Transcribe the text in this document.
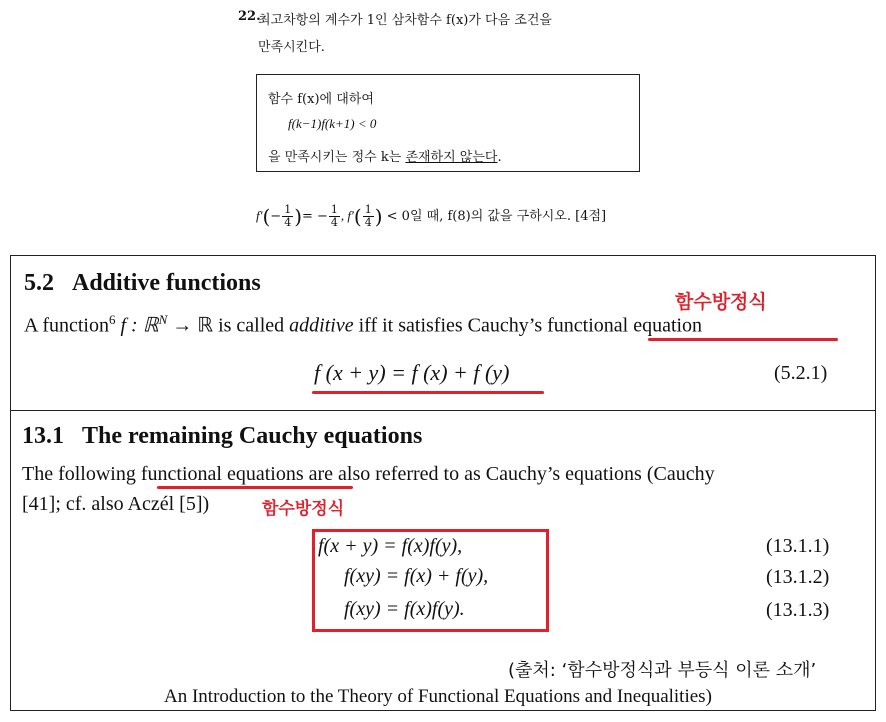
22.
최고차항의 계수가 1인 삼차함수 f(x)가 다음 조건을
만족시킨다.
함수 f(x)에 대하여
f(k−1)f(k+1) < 0
을 만족시키는 정수 k는 존재하지 않는다.
$f'(- \frac{1}{4}$ )= − $\frac{1}{4}$ , $f'( \frac{1}{4}$ ) < 0일 때, f(8)의 값을 구하시오. [4점]
5.2 Additive functions
A function$^6$ f : ℝ$^N$ → ℝ is called additive iff it satisfies Cauchy’s functional equation
함수방정식
f (x + y) = f (x) + f (y)	(5.2.1)
13.1 The remaining Cauchy equations
The following functional equations are also referred to as Cauchy’s equations (Cauchy
[41]; cf. also Aczél [5])	함수방정식
f(x + y) = f(x)f(y),
f(xy) = f(x) + f(y),
f(xy) = f(x)f(y).
(13.1.1)
(13.1.2)
(13.1.3)
(출처: ‘함수방정식과 부등식 이론 소개’
An Introduction to the Theory of Functional Equations and Inequalities)
